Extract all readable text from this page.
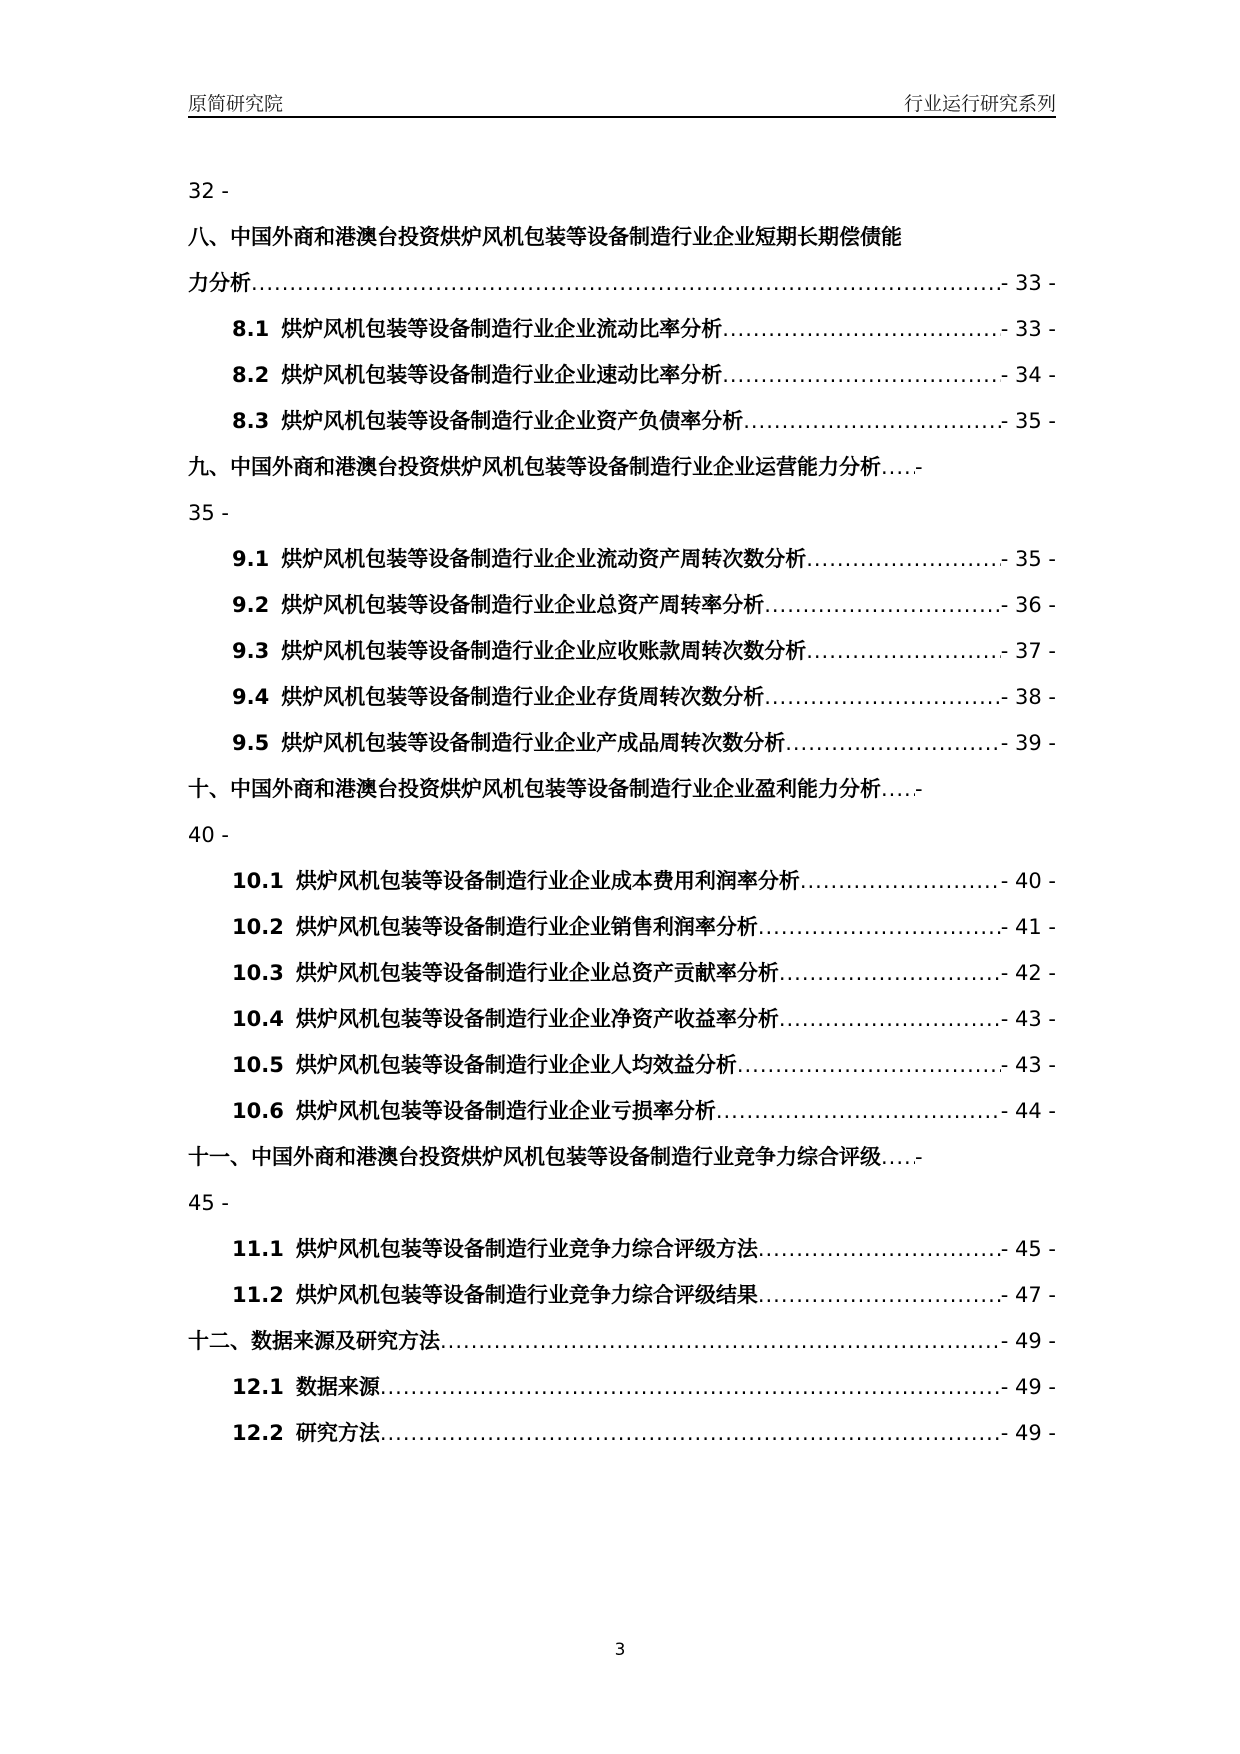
原简研究院	行业运行研究系列
32 -
八、中国外商和港澳台投资烘炉风机包装等设备制造行业企业短期长期偿债能
力分析 .....	- 33 -
8.1 烘炉风机包装等设备制造行业企业流动比率分析 .....	- 33 -
8.2 烘炉风机包装等设备制造行业企业速动比率分析 .....	- 34 -
8.3 烘炉风机包装等设备制造行业企业资产负债率分析 .....	- 35 -
九、中国外商和港澳台投资烘炉风机包装等设备制造行业企业运营能力分析 ..... -
35 -
9.1 烘炉风机包装等设备制造行业企业流动资产周转次数分析 .....	- 35 -
9.2 烘炉风机包装等设备制造行业企业总资产周转率分析 .....	- 36 -
9.3 烘炉风机包装等设备制造行业企业应收账款周转次数分析 .....	- 37 -
9.4 烘炉风机包装等设备制造行业企业存货周转次数分析 .....	- 38 -
9.5 烘炉风机包装等设备制造行业企业产成品周转次数分析 .....	- 39 -
十、中国外商和港澳台投资烘炉风机包装等设备制造行业企业盈利能力分析 ..... -
40 -
10.1 烘炉风机包装等设备制造行业企业成本费用利润率分析 .....	- 40 -
10.2 烘炉风机包装等设备制造行业企业销售利润率分析 .....	- 41 -
10.3 烘炉风机包装等设备制造行业企业总资产贡献率分析 .....	- 42 -
10.4 烘炉风机包装等设备制造行业企业净资产收益率分析 .....	- 43 -
10.5 烘炉风机包装等设备制造行业企业人均效益分析 .....	- 43 -
10.6 烘炉风机包装等设备制造行业企业亏损率分析 .....	- 44 -
十一、中国外商和港澳台投资烘炉风机包装等设备制造行业竞争力综合评级 ..... -
45 -
11.1 烘炉风机包装等设备制造行业竞争力综合评级方法 .....	- 45 -
11.2 烘炉风机包装等设备制造行业竞争力综合评级结果 .....	- 47 -
十二、数据来源及研究方法 .....	- 49 -
12.1 数据来源 .....	- 49 -
12.2 研究方法 .....	- 49 -
3
